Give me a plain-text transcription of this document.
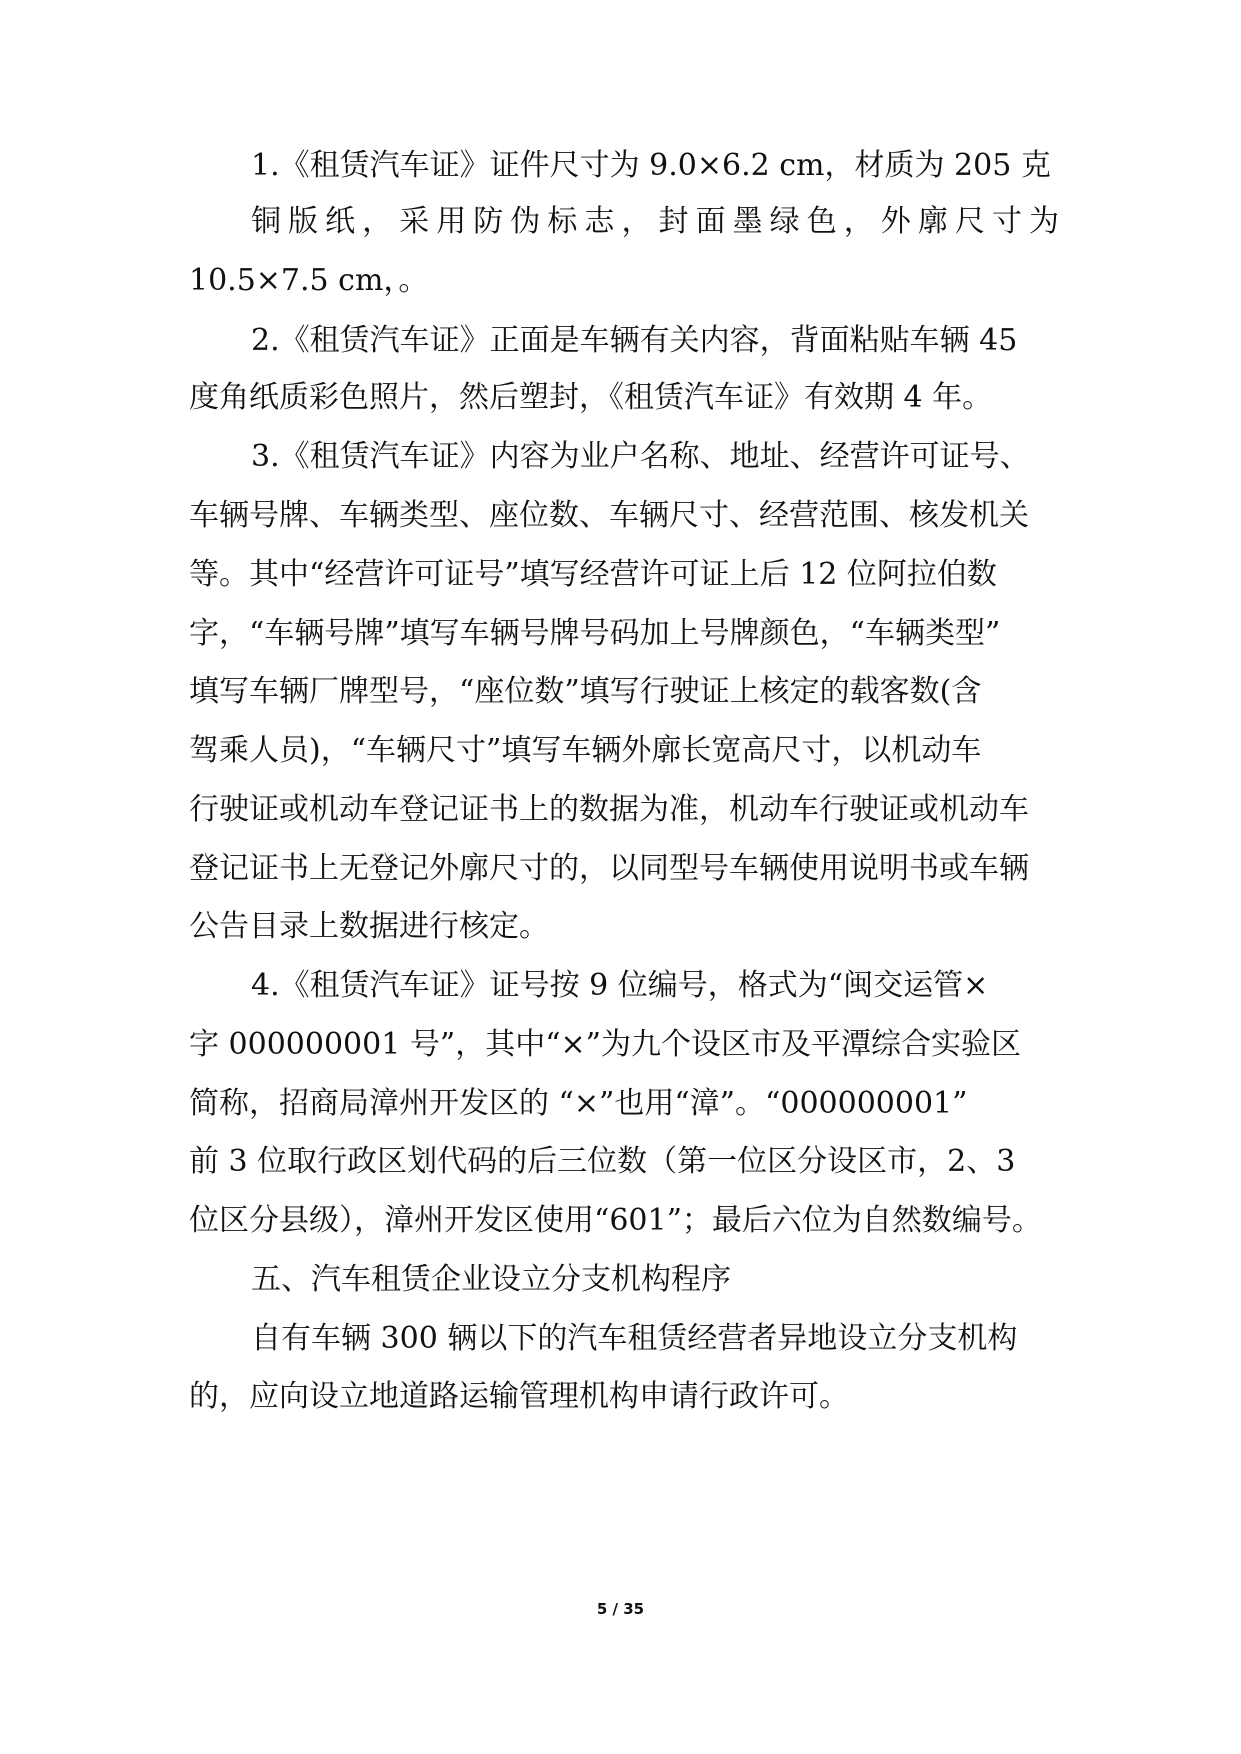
1.《租赁汽车证》证件尺寸为 9.0×6.2 cm，材质为 205 克
铜版纸，采用防伪标志，封面墨绿色，外廓尺寸为
10.5×7.5 cm，。
2.《租赁汽车证》正面是车辆有关内容，背面粘贴车辆 45
度角纸质彩色照片，然后塑封，《租赁汽车证》有效期 4 年。
3.《租赁汽车证》内容为业户名称、地址、经营许可证号、
车辆号牌、车辆类型、座位数、车辆尺寸、经营范围、核发机关
等。其中“经营许可证号”填写经营许可证上后 12 位阿拉伯数
字，“车辆号牌”填写车辆号牌号码加上号牌颜色，“车辆类型”
填写车辆厂牌型号，“座位数”填写行驶证上核定的载客数(含
驾乘人员)，“车辆尺寸”填写车辆外廓长宽高尺寸，以机动车
行驶证或机动车登记证书上的数据为准，机动车行驶证或机动车
登记证书上无登记外廓尺寸的，以同型号车辆使用说明书或车辆
公告目录上数据进行核定。
4.《租赁汽车证》证号按 9 位编号，格式为“闽交运管×
字 000000001 号”，其中“×”为九个设区市及平潭综合实验区
简称，招商局漳州开发区的 “×”也用“漳”。“000000001”
前 3 位取行政区划代码的后三位数（第一位区分设区市，2、3
位区分县级），漳州开发区使用“601”；最后六位为自然数编号。
五、汽车租赁企业设立分支机构程序
自有车辆 300 辆以下的汽车租赁经营者异地设立分支机构
的，应向设立地道路运输管理机构申请行政许可。
5 / 35
